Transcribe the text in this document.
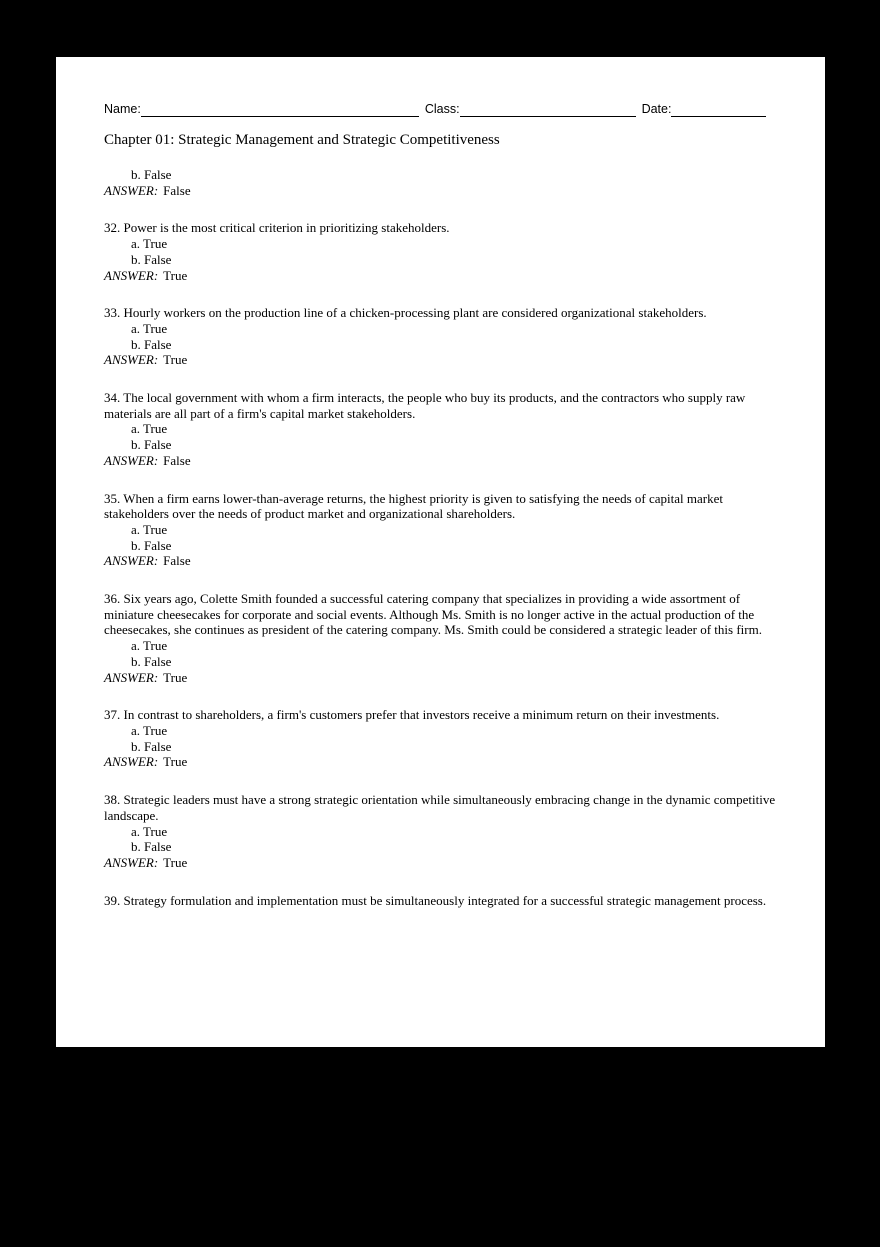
Name:	Class:	Date:
Chapter 01: Strategic Management and Strategic Competitiveness

b. False

ANSWER: False

32. Power is the most critical criterion in prioritizing stakeholders.

a. True

b. False

ANSWER: True

33. Hourly workers on the production line of a chicken-processing plant are considered organizational stakeholders.

a. True

b. False

ANSWER: True

34. The local government with whom a firm interacts, the people who buy its products, and the contractors who supply raw materials are all part of a firm's capital market stakeholders.

a. True

b. False

ANSWER: False

35. When a firm earns lower-than-average returns, the highest priority is given to satisfying the needs of capital market stakeholders over the needs of product market and organizational shareholders.

a. True

b. False

ANSWER: False

36. Six years ago, Colette Smith founded a successful catering company that specializes in providing a wide assortment of miniature cheesecakes for corporate and social events. Although Ms. Smith is no longer active in the actual production of the cheesecakes, she continues as president of the catering company. Ms. Smith could be considered a strategic leader of this firm.

a. True

b. False

ANSWER: True

37. In contrast to shareholders, a firm's customers prefer that investors receive a minimum return on their investments.

a. True

b. False

ANSWER: True

38. Strategic leaders must have a strong strategic orientation while simultaneously embracing change in the dynamic competitive landscape.

a. True

b. False

ANSWER: True

39. Strategy formulation and implementation must be simultaneously integrated for a successful strategic management process.
